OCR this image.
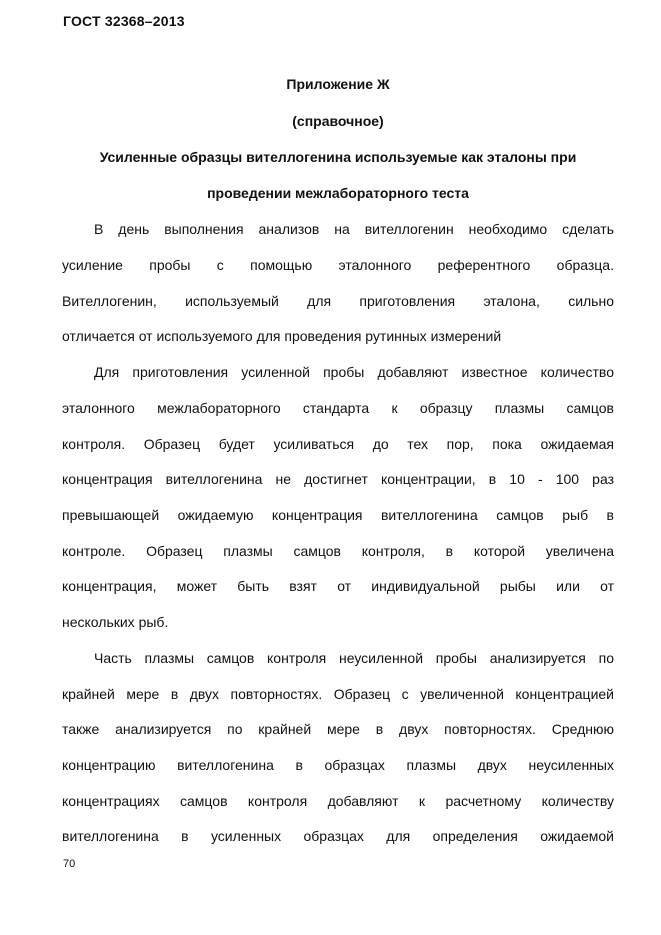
ГОСТ 32368–2013
Приложение Ж
(справочное)
Усиленные образцы вителлогенина используемые как эталоны при
проведении межлабораторного теста
В день выполнения анализов на вителлогенин необходимо сделать
усиление пробы с помощью эталонного референтного образца.
Вителлогенин, используемый для приготовления эталона, сильно
отличается от используемого для проведения рутинных измерений
Для приготовления усиленной пробы добавляют известное количество
эталонного межлабораторного стандарта к образцу плазмы самцов
контроля. Образец будет усиливаться до тех пор, пока ожидаемая
концентрация вителлогенина не достигнет концентрации, в 10 - 100 раз
превышающей ожидаемую концентрация вителлогенина самцов рыб в
контроле. Образец плазмы самцов контроля, в которой увеличена
концентрация, может быть взят от индивидуальной рыбы или от
нескольких рыб.
Часть плазмы самцов контроля неусиленной пробы анализируется по
крайней мере в двух повторностях. Образец с увеличенной концентрацией
также анализируется по крайней мере в двух повторностях. Среднюю
концентрацию вителлогенина в образцах плазмы двух неусиленных
концентрациях самцов контроля добавляют к расчетному количеству
вителлогенина в усиленных образцах для определения ожидаемой
70
